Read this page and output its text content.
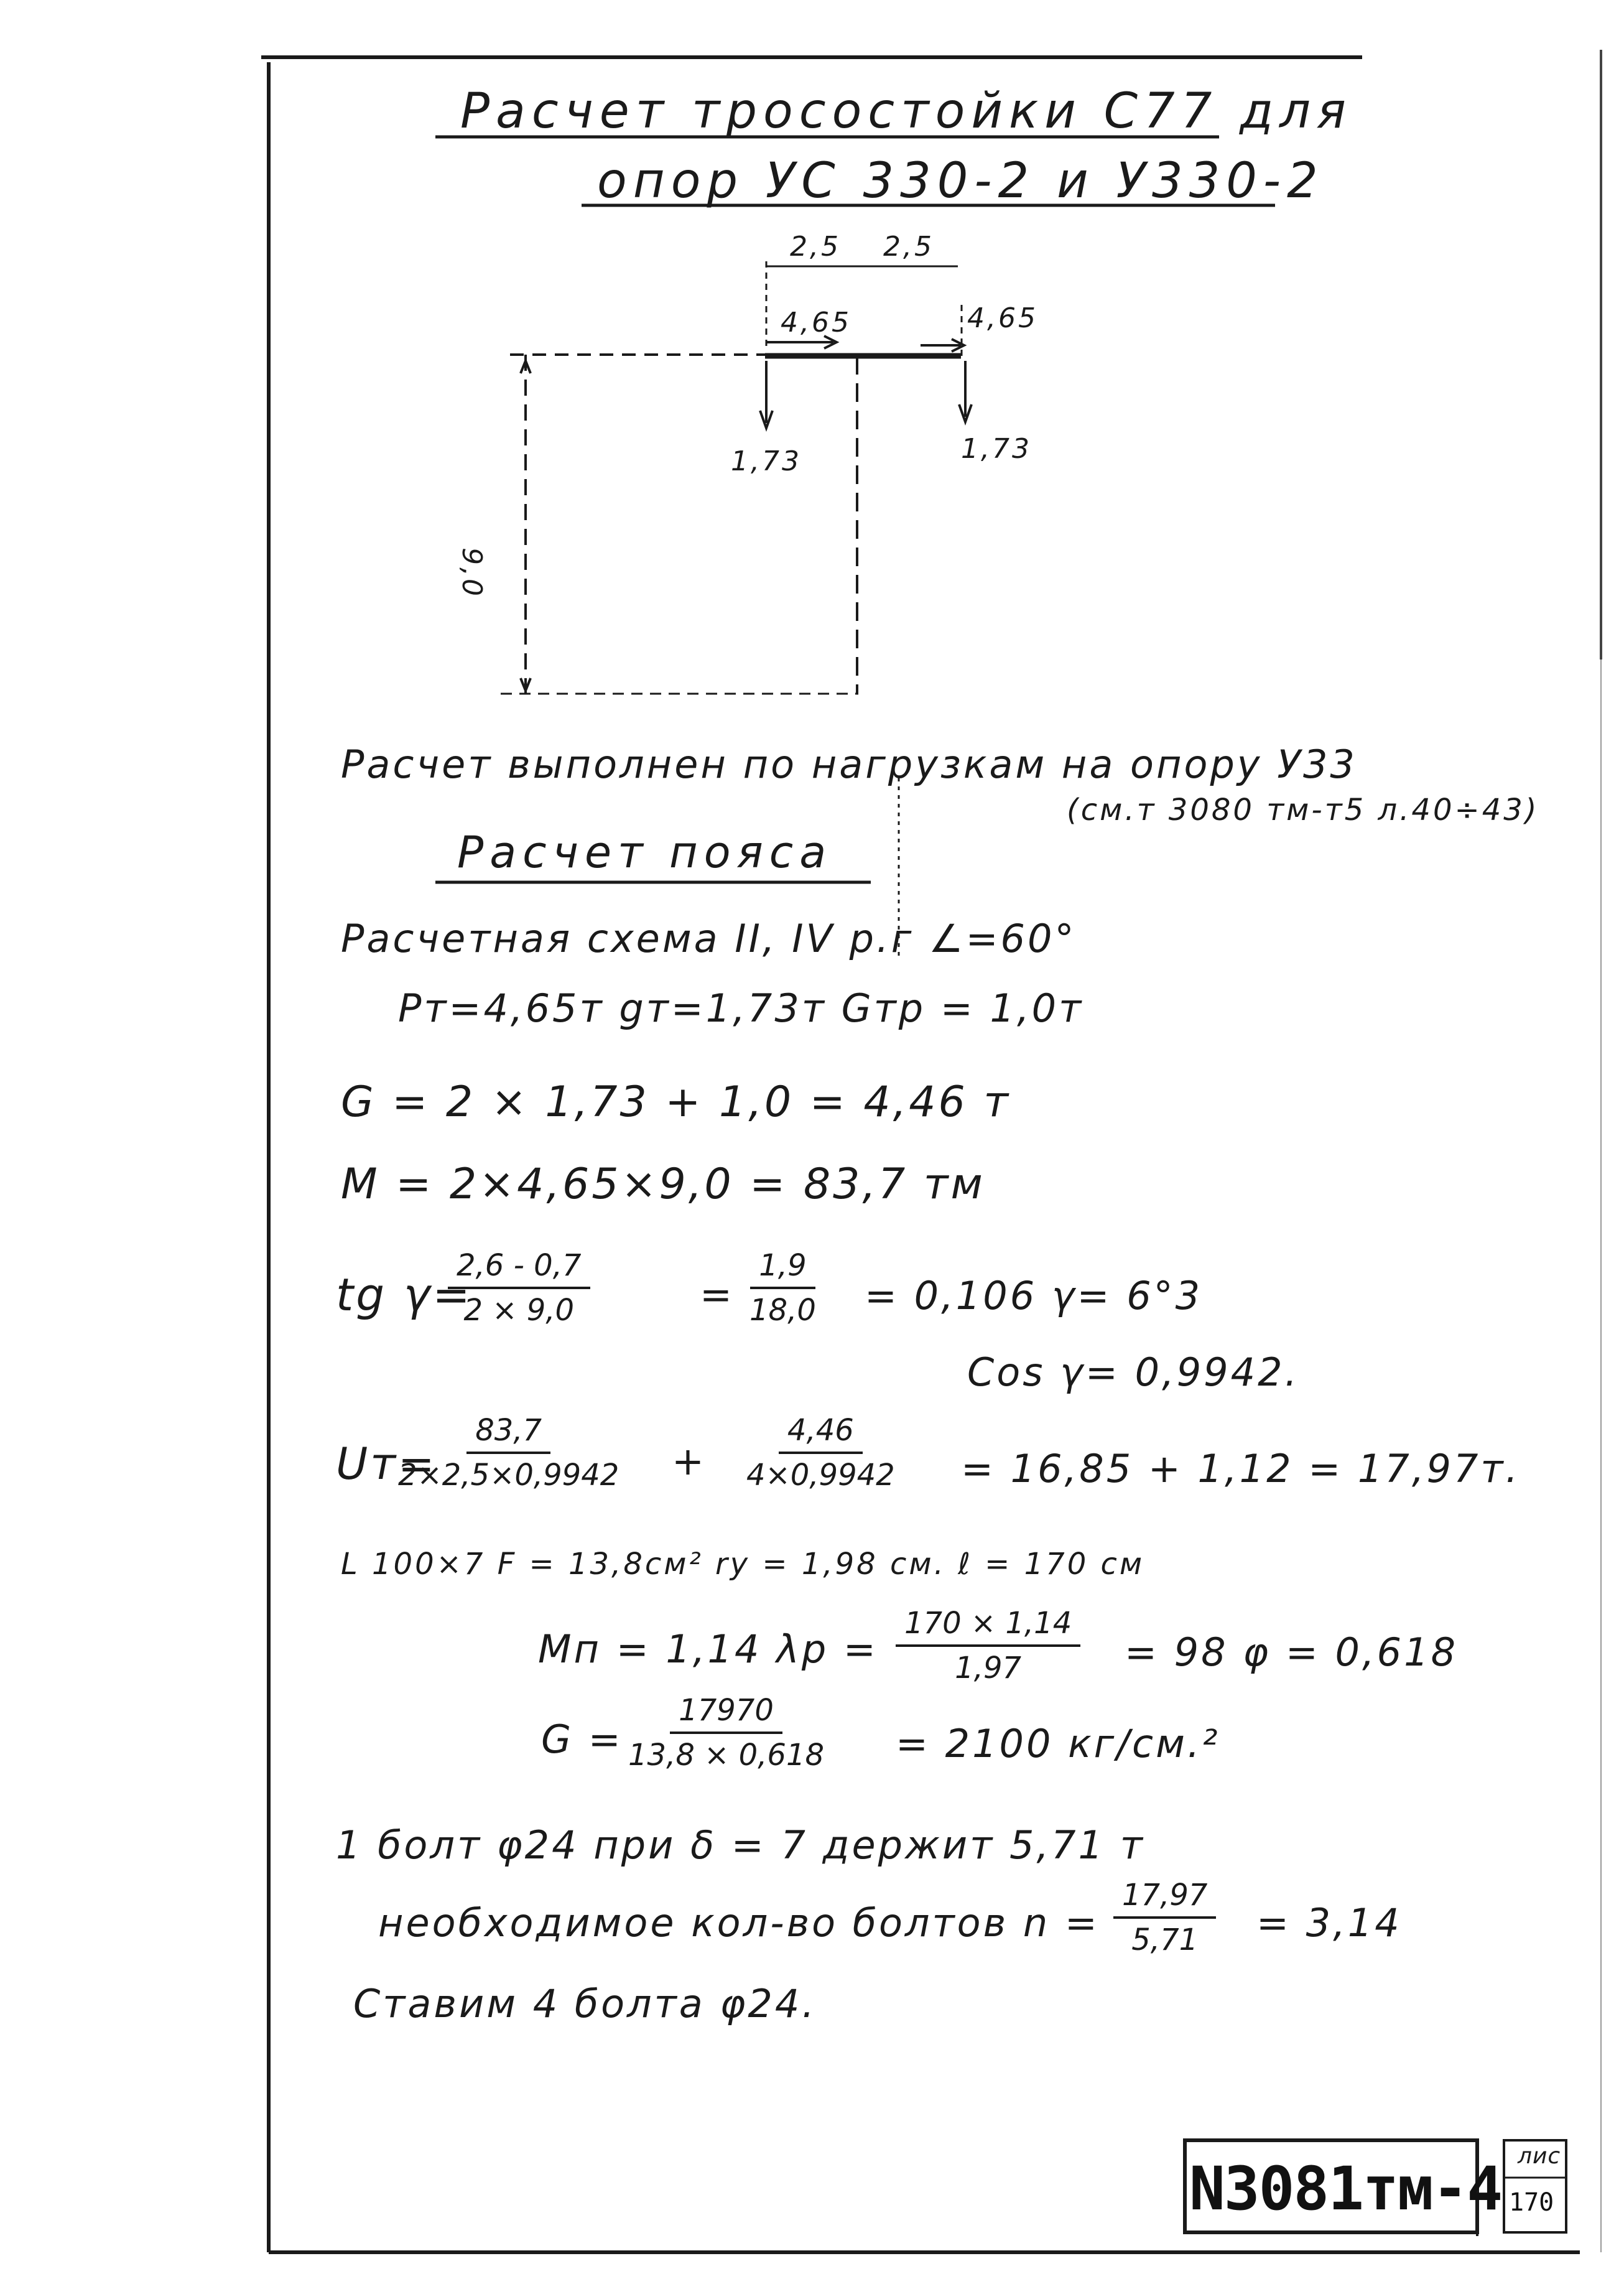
Расчет тросостойки С77 для
опор УС 330-2 и У330-2
2,5 2,5
4,65	4,65
1,73	1,73
9,0
Расчет выполнен по нагрузкам на опору У33
(см.т 3080 тм-т5 л.40÷43)
Расчет пояса
Расчетная схема II, IV р.г ∠=60°
Pт=4,65т gт=1,73т Gтр = 1,0т
G = 2 × 1,73 + 1,0 = 4,46 т
M = 2×4,65×9,0 = 83,7 тм
tg γ=
$\frac{2,6 - 0,7}{2 \times 9,0}$	= $\frac{1,9}{18,0} = 0,106$ γ= 6°3
Cos γ= 0,9942.
Uт=
$\frac{83,7}{2\times 2,5\times 0,9942} + \frac{4,46}{4\times 0,9942} = 16,85 + 1,12 = 17,97т$.
L 100×7 F = 13,8см² ry = 1,98 см. ℓ = 170 см
Mп = 1,14 $\lambda p = \frac{170 \times 1,14}{1,97} = 98$ φ = 0,618
$G = \frac{17970}{13,8 \times 0,618} = 2100$ кг/см.²
1 болт φ24 при δ = 7 держит 5,71 т
необходимое кол-во болтов $n = \frac{17,97}{5,71} = 3,14$
Ставим 4 болта φ24.
N3081тм-4 лис
170
